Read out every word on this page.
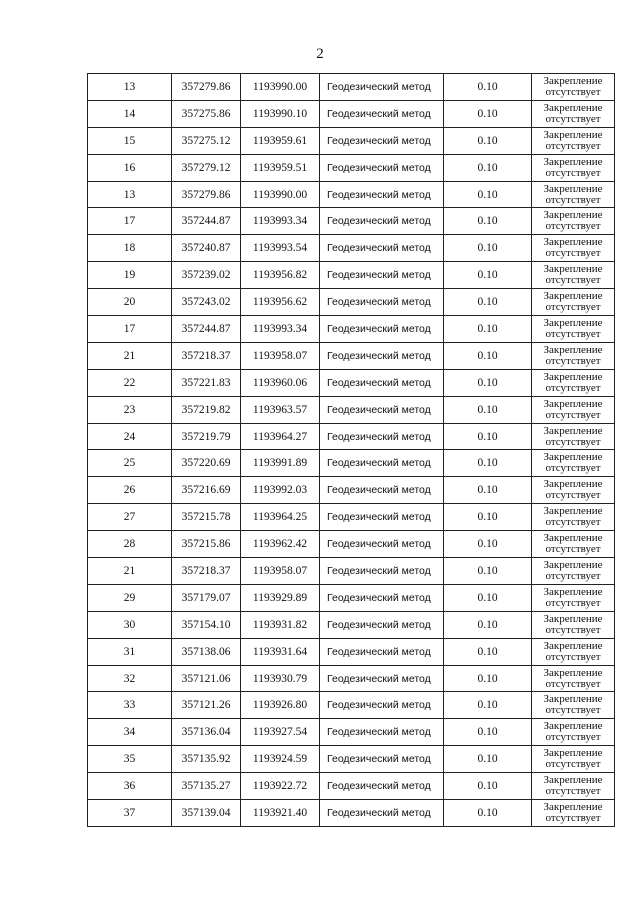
2
13	357279.86	1193990.00	Геодезический метод	0.10	Закрепление
отсутствует

14	357275.86	1193990.10	Геодезический метод	0.10	Закрепление
отсутствует

15	357275.12	1193959.61	Геодезический метод	0.10	Закрепление
отсутствует

16	357279.12	1193959.51	Геодезический метод	0.10	Закрепление
отсутствует

13	357279.86	1193990.00	Геодезический метод	0.10	Закрепление
отсутствует

17	357244.87	1193993.34	Геодезический метод	0.10	Закрепление
отсутствует

18	357240.87	1193993.54	Геодезический метод	0.10	Закрепление
отсутствует

19	357239.02	1193956.82	Геодезический метод	0.10	Закрепление
отсутствует

20	357243.02	1193956.62	Геодезический метод	0.10	Закрепление
отсутствует

17	357244.87	1193993.34	Геодезический метод	0.10	Закрепление
отсутствует

21	357218.37	1193958.07	Геодезический метод	0.10	Закрепление
отсутствует

22	357221.83	1193960.06	Геодезический метод	0.10	Закрепление
отсутствует

23	357219.82	1193963.57	Геодезический метод	0.10	Закрепление
отсутствует

24	357219.79	1193964.27	Геодезический метод	0.10	Закрепление
отсутствует

25	357220.69	1193991.89	Геодезический метод	0.10	Закрепление
отсутствует

26	357216.69	1193992.03	Геодезический метод	0.10	Закрепление
отсутствует

27	357215.78	1193964.25	Геодезический метод	0.10	Закрепление
отсутствует

28	357215.86	1193962.42	Геодезический метод	0.10	Закрепление
отсутствует

21	357218.37	1193958.07	Геодезический метод	0.10	Закрепление
отсутствует

29	357179.07	1193929.89	Геодезический метод	0.10	Закрепление
отсутствует

30	357154.10	1193931.82	Геодезический метод	0.10	Закрепление
отсутствует

31	357138.06	1193931.64	Геодезический метод	0.10	Закрепление
отсутствует

32	357121.06	1193930.79	Геодезический метод	0.10	Закрепление
отсутствует

33	357121.26	1193926.80	Геодезический метод	0.10	Закрепление
отсутствует

34	357136.04	1193927.54	Геодезический метод	0.10	Закрепление
отсутствует

35	357135.92	1193924.59	Геодезический метод	0.10	Закрепление
отсутствует

36	357135.27	1193922.72	Геодезический метод	0.10	Закрепление
отсутствует

37	357139.04	1193921.40	Геодезический метод	0.10	Закрепление
отсутствует
